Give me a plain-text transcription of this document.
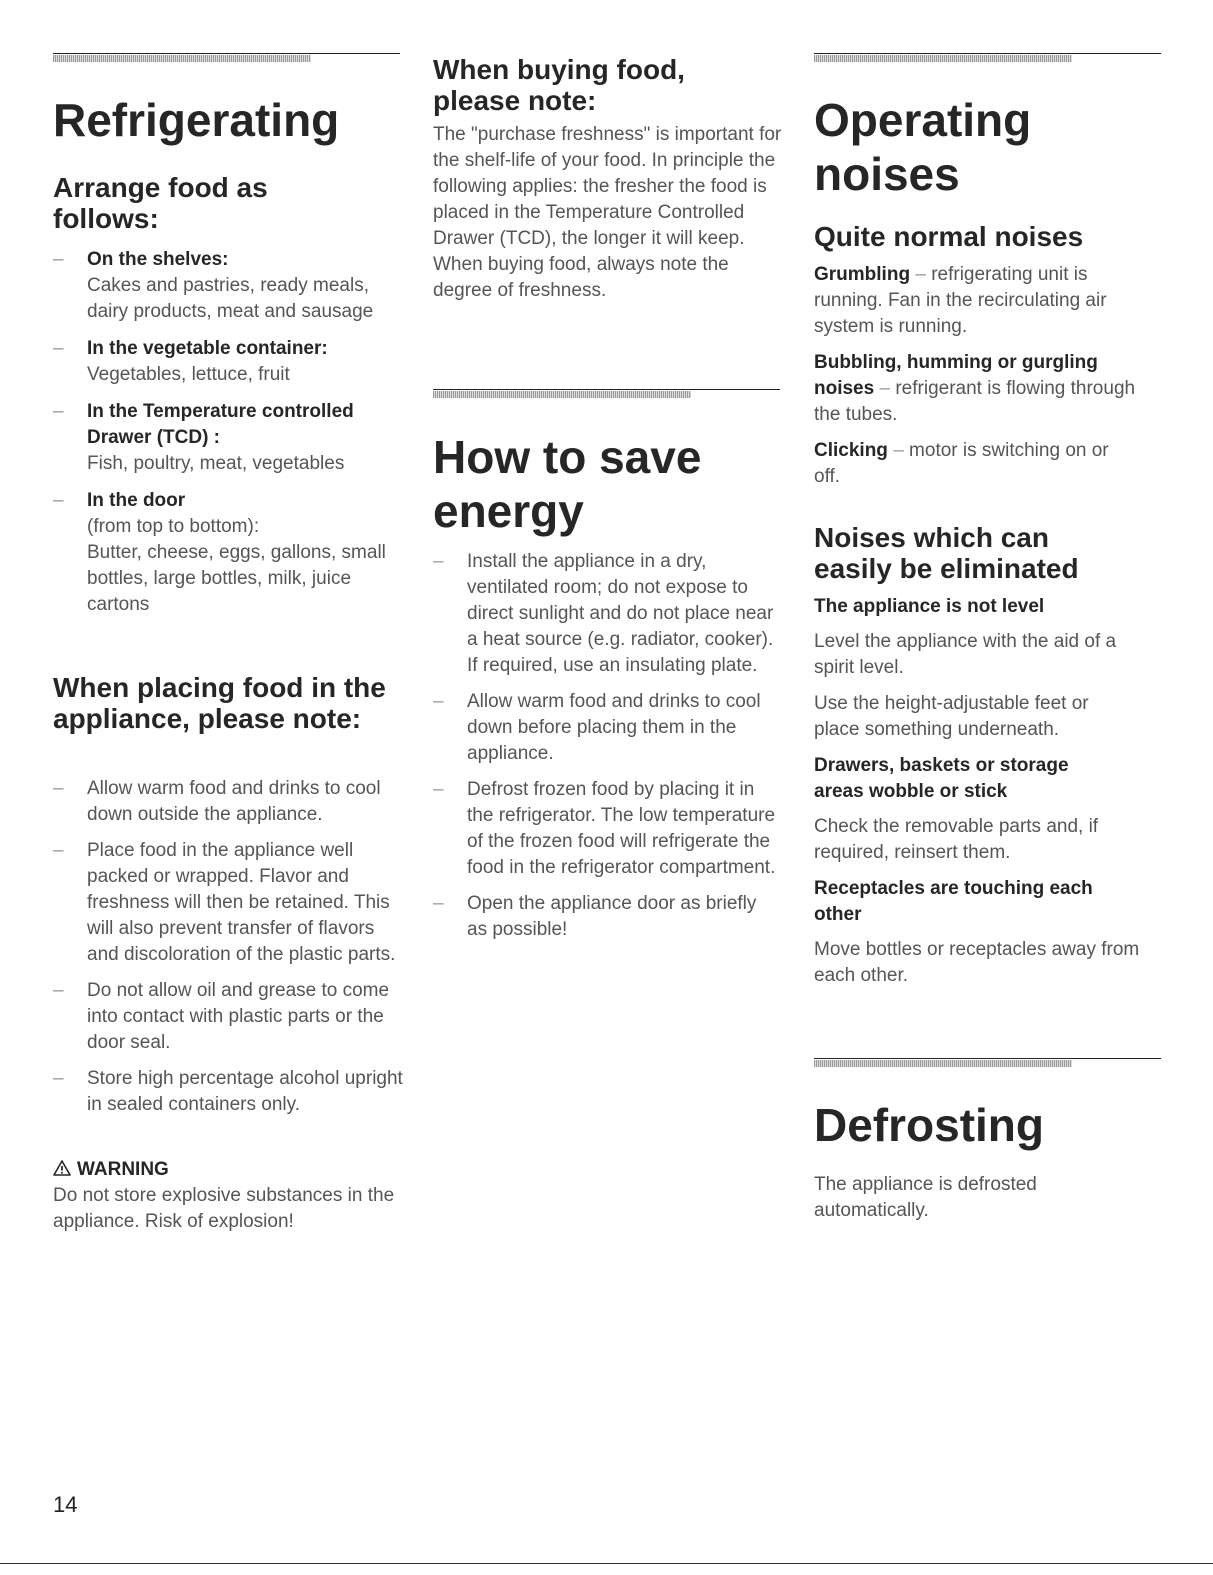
Refrigerating
Arrange food as follows:
– On the shelves:
Cakes and pastries, ready meals, dairy products, meat and sausage
– In the vegetable container:
Vegetables, lettuce, fruit
– In the Temperature controlled Drawer (TCD) :
Fish, poultry, meat, vegetables
– In the door
(from top to bottom):
Butter, cheese, eggs, gallons, small bottles, large bottles, milk, juice cartons
When placing food in the appliance, please note:
– Allow warm food and drinks to cool down outside the appliance.
– Place food in the appliance well packed or wrapped. Flavor and freshness will then be retained. This will also prevent transfer of flavors and discoloration of the plastic parts.
– Do not allow oil and grease to come into contact with plastic parts or the door seal.
– Store high percentage alcohol upright in sealed containers only.
WARNING

Do not store explosive substances in the appliance. Risk of explosion!

When buying food, please note:

The "purchase freshness" is important for the shelf-life of your food. In principle the following applies: the fresher the food is placed in the Temperature Controlled Drawer (TCD), the longer it will keep. When buying food, always note the degree of freshness.

How to save energy
– Install the appliance in a dry, ventilated room; do not expose to direct sunlight and do not place near a heat source (e.g. radiator, cooker). If required, use an insulating plate.
– Allow warm food and drinks to cool down before placing them in the appliance.
– Defrost frozen food by placing it in the refrigerator. The low temperature of the frozen food will refrigerate the food in the refrigerator compartment.
– Open the appliance door as briefly as possible!
Operating noises
Quite normal noises

Grumbling – refrigerating unit is running. Fan in the recirculating air system is running.

Bubbling, humming or gurgling noises – refrigerant is flowing through the tubes.

Clicking – motor is switching on or off.

Noises which can easily be eliminated
The appliance is not level

Level the appliance with the aid of a spirit level.

Use the height-adjustable feet or place something underneath.

Drawers, baskets or storage areas wobble or stick

Check the removable parts and, if required, reinsert them.

Receptacles are touching each other

Move bottles or receptacles away from each other.

Defrosting

The appliance is defrosted automatically.

14
